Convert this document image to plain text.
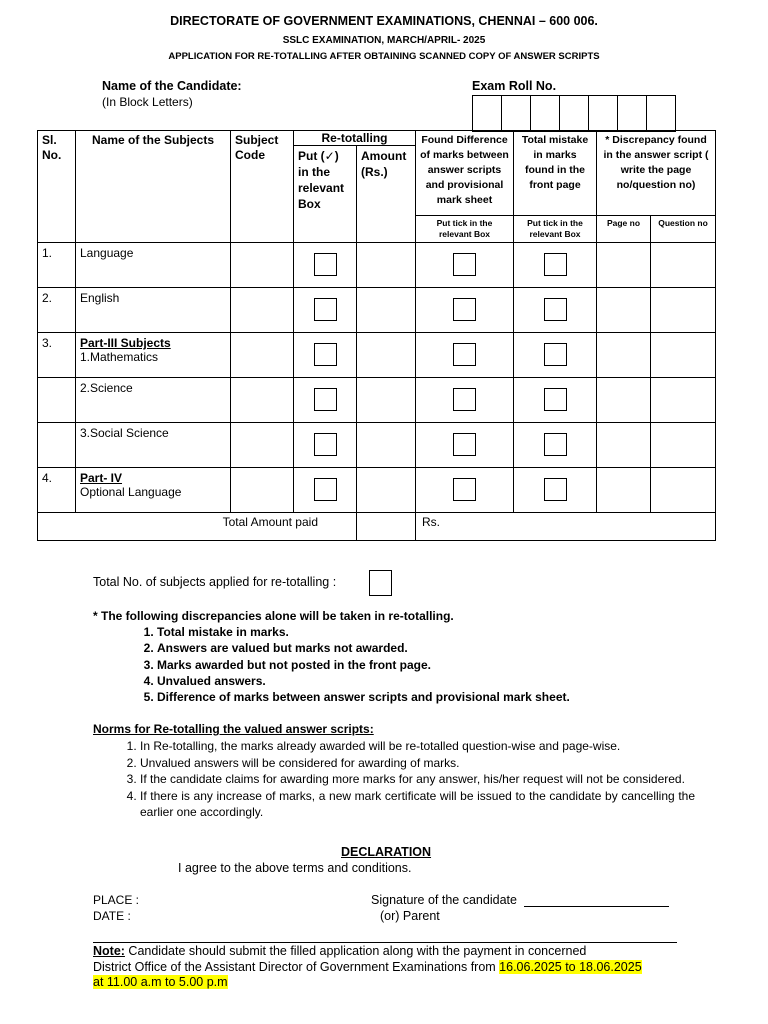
DIRECTORATE OF GOVERNMENT EXAMINATIONS, CHENNAI – 600 006.
SSLC EXAMINATION, MARCH/APRIL- 2025
APPLICATION FOR RE-TOTALLING AFTER OBTAINING SCANNED COPY OF ANSWER SCRIPTS
Name of the Candidate:
(In Block Letters)
Exam Roll No.
Sl. No.	Name of the Subjects	Subject Code	Re-totalling		Found Difference of marks between answer scripts and provisional mark sheet	Total mistake in marks found in the front page	* Discrepancy found in the answer script ( write the page no/question no)	
			Put (✓) in the relevant Box	Amount (Rs.)				
					Put tick in the relevant Box	Put tick in the relevant Box	Page no	Question no
1.	Language							

2.	English							

3.	Part-III Subjects
1.Mathematics							

	2.Science							

	3.Social Science							

4.	Part- IV
Optional Language							

	Total Amount paid				Rs.			
Total No. of subjects applied for re-totalling :
* The following discrepancies alone will be taken in re-totalling.
1. Total mistake in marks.
2. Answers are valued but marks not awarded.
3. Marks awarded but not posted in the front page.
4. Unvalued answers.
5. Difference of marks between answer scripts and provisional mark sheet.
Norms for Re-totalling the valued answer scripts:
1. In Re-totalling, the marks already awarded will be re-totalled question-wise and page-wise.
2. Unvalued answers will be considered for awarding of marks.
3. If the candidate claims for awarding more marks for any answer, his/her request will not be considered.
4. If there is any increase of marks, a new mark certificate will be issued to the candidate by cancelling the earlier one accordingly.
DECLARATION
I agree to the above terms and conditions.
PLACE :
DATE :
Signature of the candidate
(or) Parent
Note: Candidate should submit the filled application along with the payment in concerned
District Office of the Assistant Director of Government Examinations from 16.06.2025 to 18.06.2025
at 11.00 a.m to 5.00 p.m
